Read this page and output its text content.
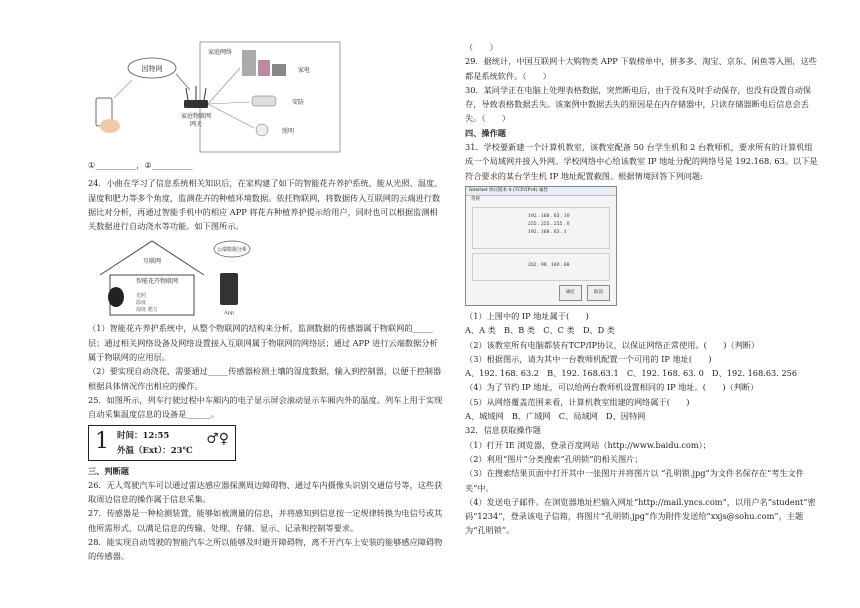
因特网
家庭网络
家庭物联网
网关
家电
安防
照明

①__________，②__________

24．小曲在学习了信息系统相关知识后，在家构建了如下的智能花卉养护系统，能从光照、温度、湿度和肥力等多个角度，监测花卉的种植环境数据。依托物联网，将数据传入互联网的云端进行数据比对分析，再通过智能手机中的相应 APP 将花卉种植养护提示给用户，同时也可以根据监测相关数据进行自动浇水等功能。如下图所示。

互联网
智能花卉物联网
光照
温度
湿度 肥力
云端数据分析
App

（1）智能花卉养护系统中，从整个物联网的结构来分析，监测数据的传感器属于物联网的_____层；通过相关网络设备及网络设置接入互联网属于物联网的网络层；通过 APP 进行云端数据分析属于物联网的应用层。

（2）要实现自动浇花，需要通过_____传感器检测土壤的湿度数据，输入到控制器，以便于控制器根据具体情况作出相应的操作。

25．如图所示，列车行驶过程中车厢内的电子显示屏会滚动显示车厢内外的温度。列车上用于实现自动采集温度信息的设备是______。

1 时间：12:55
外温（Ext）：23℃
♂♀

三、判断题

26．无人驾驶汽车可以通过雷达感应器探测周边障碍物、通过车内摄像头识别交通信号等，这些获取周边信息的操作属于信息采集。

27．传感器是一种检测装置，能够如被测量的信息，并将感知到信息按一定规律转换为电信号或其他所需形式，以满足信息的传输、处理、存储、显示、记录和控制等要求。

28．能实现自动驾驶的智能汽车之所以能够及时避开障碍物，离不开汽车上安装的能够感应障碍物的传感器。

（　　）

29．据统计，中国互联网十大购物类 APP 下载榜单中，拼多多、淘宝、京东、闲鱼等入围，这些都是系统软件。（　　）

30．某同学正在电脑上处理表格数据，突然断电后，由于没有及时手动保存，也没有设置自动保存，导致表格数据丢失。该案例中数据丢失的原因是在内存储器中，只读存储器断电后信息会丢失。（　　）

四、操作题

31．学校要新建一个计算机教室，该教室配备 50 台学生机和 2 台教师机，要求所有的计算机组成一个局域网并接入外网。学校网络中心给该教室 IP 地址分配的网络号是 192.168. 63。以下是符合要求的某台学生机 IP 地址配置截图。根据情境回答下列问题:

Internet 协议版本 4 (TCP/IPv4) 属性
常规
192 . 168 . 63 . 10
255 . 255 . 255 . 0
192 . 168 . 63 . 1
202 . 98 . 160 . 68
确定	取消

（1）上图中的 IP 地址属于(　　)

A、A 类　B、B 类　C、C 类　D、D 类

（2）该教室所有电脑都装有TCP/IP协议，以保证网络正常使用。(　　)（判断）

（3）根据图示，请为其中一台教师机配置一个可用的 IP 地址(　　)

A、192. 168. 63.2　B、192. 168.63.1　C、192. 168. 63. 0　D、192. 168.63. 256

（4）为了节约 IP 地址，可以给两台教师机设置相同的 IP 地址。(　　)（判断）

（5）从网络覆盖范围来看，计算机教室组建的网络属于(　　)

A、城域网　B、广域网　C、局域网　D、因特网

32．信息获取操作题

（1）打开 IE 浏览器，登录百度网站（http://www.baidu.com）；

（2）利用“图片”分类搜索“孔明锁”的相关图片；

（3）在搜索结果页面中打开其中一张图片并将图片以 “孔明锁.jpg”为文件名保存在“考生文件夹”中。

（4）发送电子邮件。在浏览器地址栏输入网址“http://mail.yncs.com”，以用户名“student”密码“1234”，登录该电子信箱，将图片“孔明锁.jpg”作为附件发送给“xxjs@sohu.com”，主题为“孔明锁”。
